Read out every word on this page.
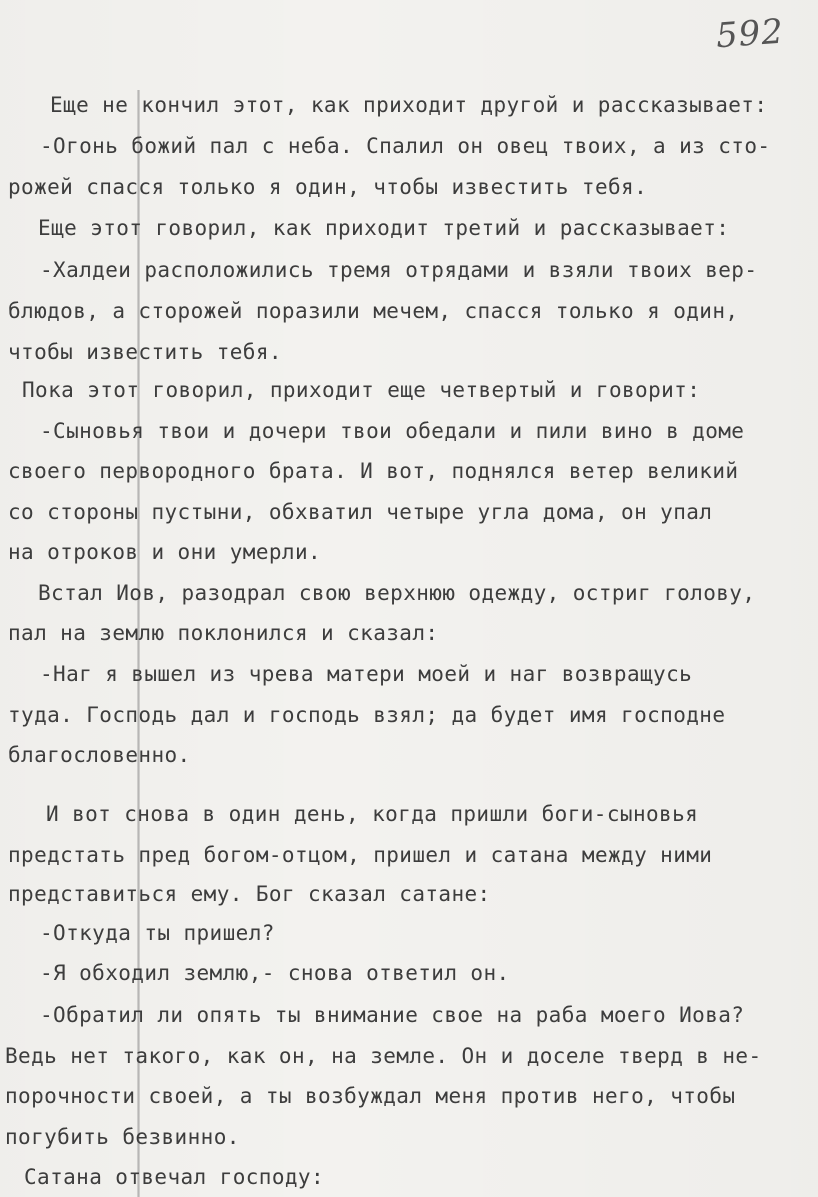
592
Еще не кончил этот, как приходит другой и рассказывает:
-Огонь божий пал с неба. Спалил он овец твоих, а из сто-
рожей спасся только я один, чтобы известить тебя.
Еще этот говорил, как приходит третий и рассказывает:
-Халдеи расположились тремя отрядами и взяли твоих вер-
блюдов, а сторожей поразили мечем, спасся только я один,
чтобы известить тебя.
Пока этот говорил, приходит еще четвертый и говорит:
-Сыновья твои и дочери твои обедали и пили вино в доме
своего первородного брата. И вот, поднялся ветер великий
со стороны пустыни, обхватил четыре угла дома, он упал
на отроков и они умерли.
Встал Иов, разодрал свою верхнюю одежду, остриг голову,
пал на землю поклонился и сказал:
-Наг я вышел из чрева матери моей и наг возвращусь
туда. Господь дал и господь взял; да будет имя господне
благословенно.
И вот снова в один день, когда пришли боги-сыновья
предстать пред богом-отцом, пришел и сатана между ними
представиться ему. Бог сказал сатане:
-Откуда ты пришел?
-Я обходил землю,- снова ответил он.
-Обратил ли опять ты внимание свое на раба моего Иова?
Ведь нет такого, как он, на земле. Он и доселе тверд в не-
порочности своей, а ты возбуждал меня против него, чтобы
погубить безвинно.
Сатана отвечал господу:
